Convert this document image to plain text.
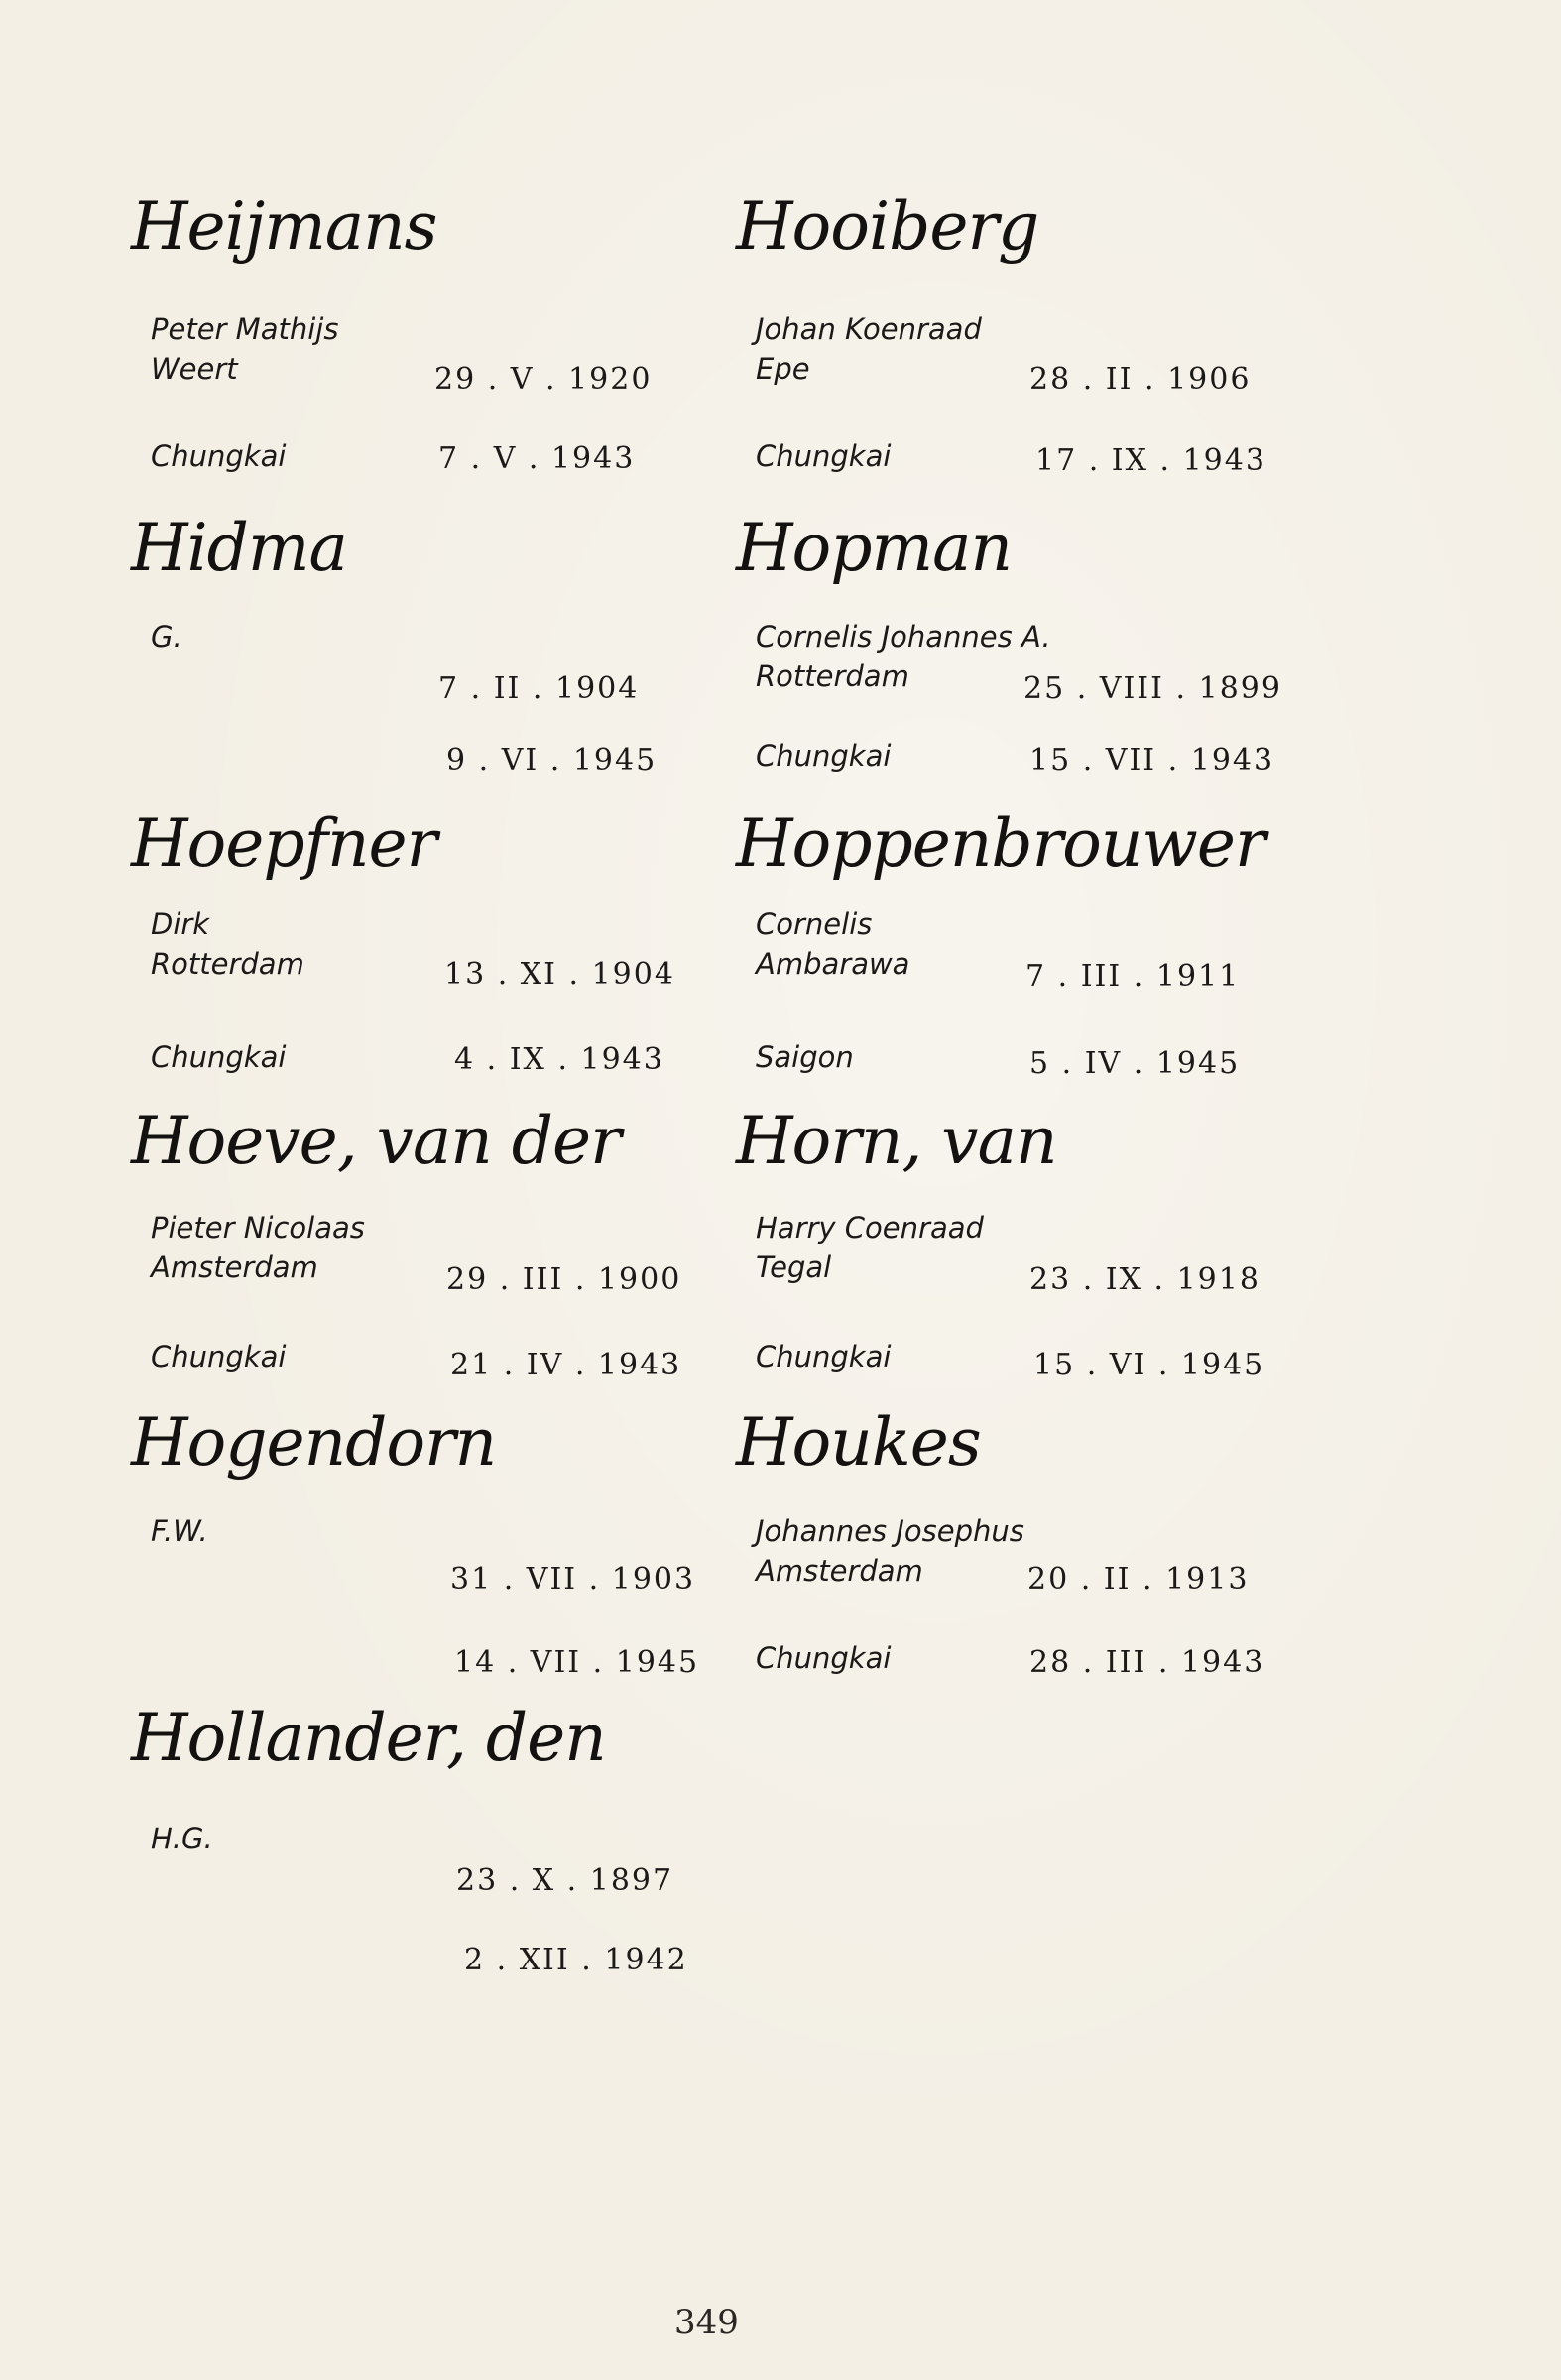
Heijmans
Peter Mathijs
Weert	29 . V . 1920
Chungkai	7 . V . 1943
Hidma
G.
7 . II . 1904
9 . VI . 1945
Hoepfner
Dirk
Rotterdam	13 . XI . 1904
Chungkai	4 . IX . 1943
Hoeve, van der
Pieter Nicolaas
Amsterdam	29 . III . 1900
Chungkai	21 . IV . 1943
Hogendorn
F.W.
31 . VII . 1903
14 . VII . 1945
Hollander, den
H.G.
23 . X . 1897
2 . XII . 1942
Hooiberg
Johan Koenraad
Epe	28 . II . 1906
Chungkai	17 . IX . 1943
Hopman
Cornelis Johannes A.
Rotterdam	25 . VIII . 1899
Chungkai	15 . VII . 1943
Hoppenbrouwer
Cornelis
Ambarawa	7 . III . 1911
Saigon	5 . IV . 1945
Horn, van
Harry Coenraad
Tegal	23 . IX . 1918
Chungkai	15 . VI . 1945
Houkes
Johannes Josephus
Amsterdam	20 . II . 1913
Chungkai	28 . III . 1943
349
